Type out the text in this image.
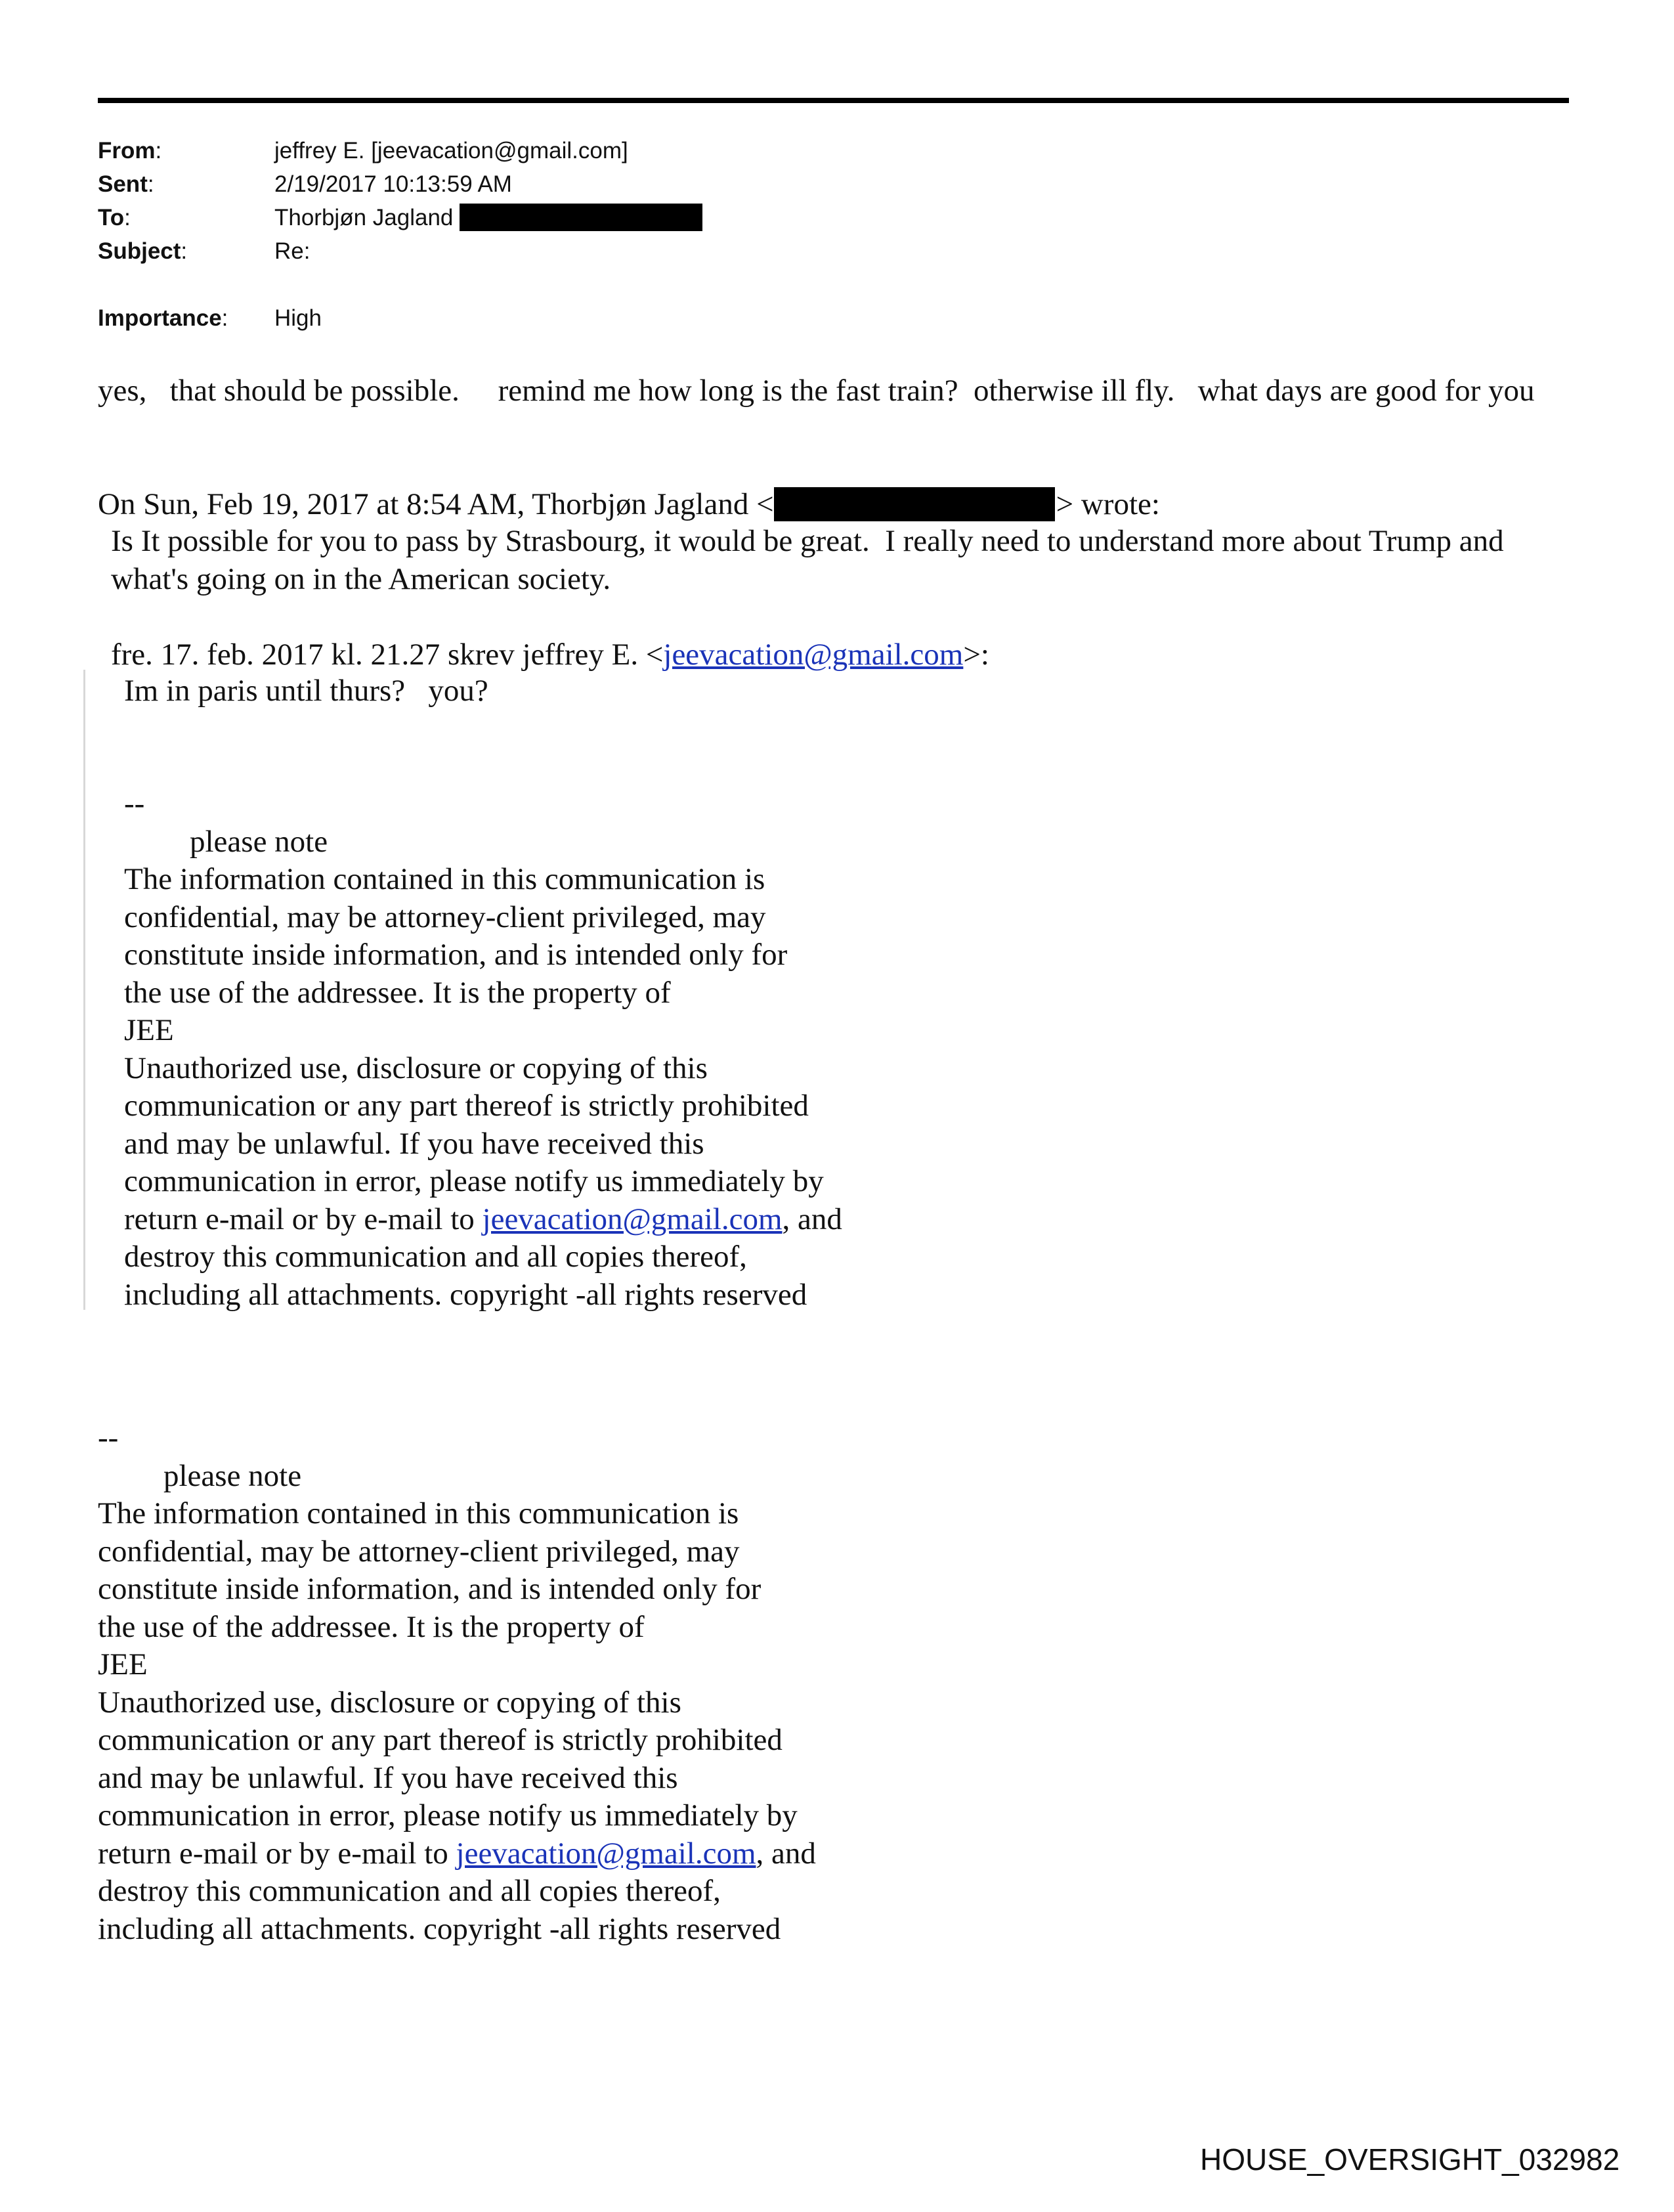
From:	jeffrey E. [jeevacation@gmail.com]
Sent:	2/19/2017 10:13:59 AM
To:	Thorbjøn Jagland
Subject:	Re:
Importance:	High
yes,   that should be possible.     remind me how long is the fast train?  otherwise ill fly.   what days are good for you
On Sun, Feb 19, 2017 at 8:54 AM, Thorbjøn Jagland <	> wrote:
Is It possible for you to pass by Strasbourg, it would be great.  I really need to understand more about Trump and what's going on in the American society.
fre. 17. feb. 2017 kl. 21.27 skrev jeffrey E. <jeevacation@gmail.com>:
Im in paris until thurs?   you?
--
please note
The information contained in this communication is
confidential, may be attorney-client privileged, may
constitute inside information, and is intended only for
the use of the addressee. It is the property of
JEE
Unauthorized use, disclosure or copying of this
communication or any part thereof is strictly prohibited
and may be unlawful. If you have received this
communication in error, please notify us immediately by
return e-mail or by e-mail to jeevacation@gmail.com, and
destroy this communication and all copies thereof,
including all attachments. copyright -all rights reserved
--
please note
The information contained in this communication is
confidential, may be attorney-client privileged, may
constitute inside information, and is intended only for
the use of the addressee. It is the property of
JEE
Unauthorized use, disclosure or copying of this
communication or any part thereof is strictly prohibited
and may be unlawful. If you have received this
communication in error, please notify us immediately by
return e-mail or by e-mail to jeevacation@gmail.com, and
destroy this communication and all copies thereof,
including all attachments. copyright -all rights reserved
HOUSE_OVERSIGHT_032982
